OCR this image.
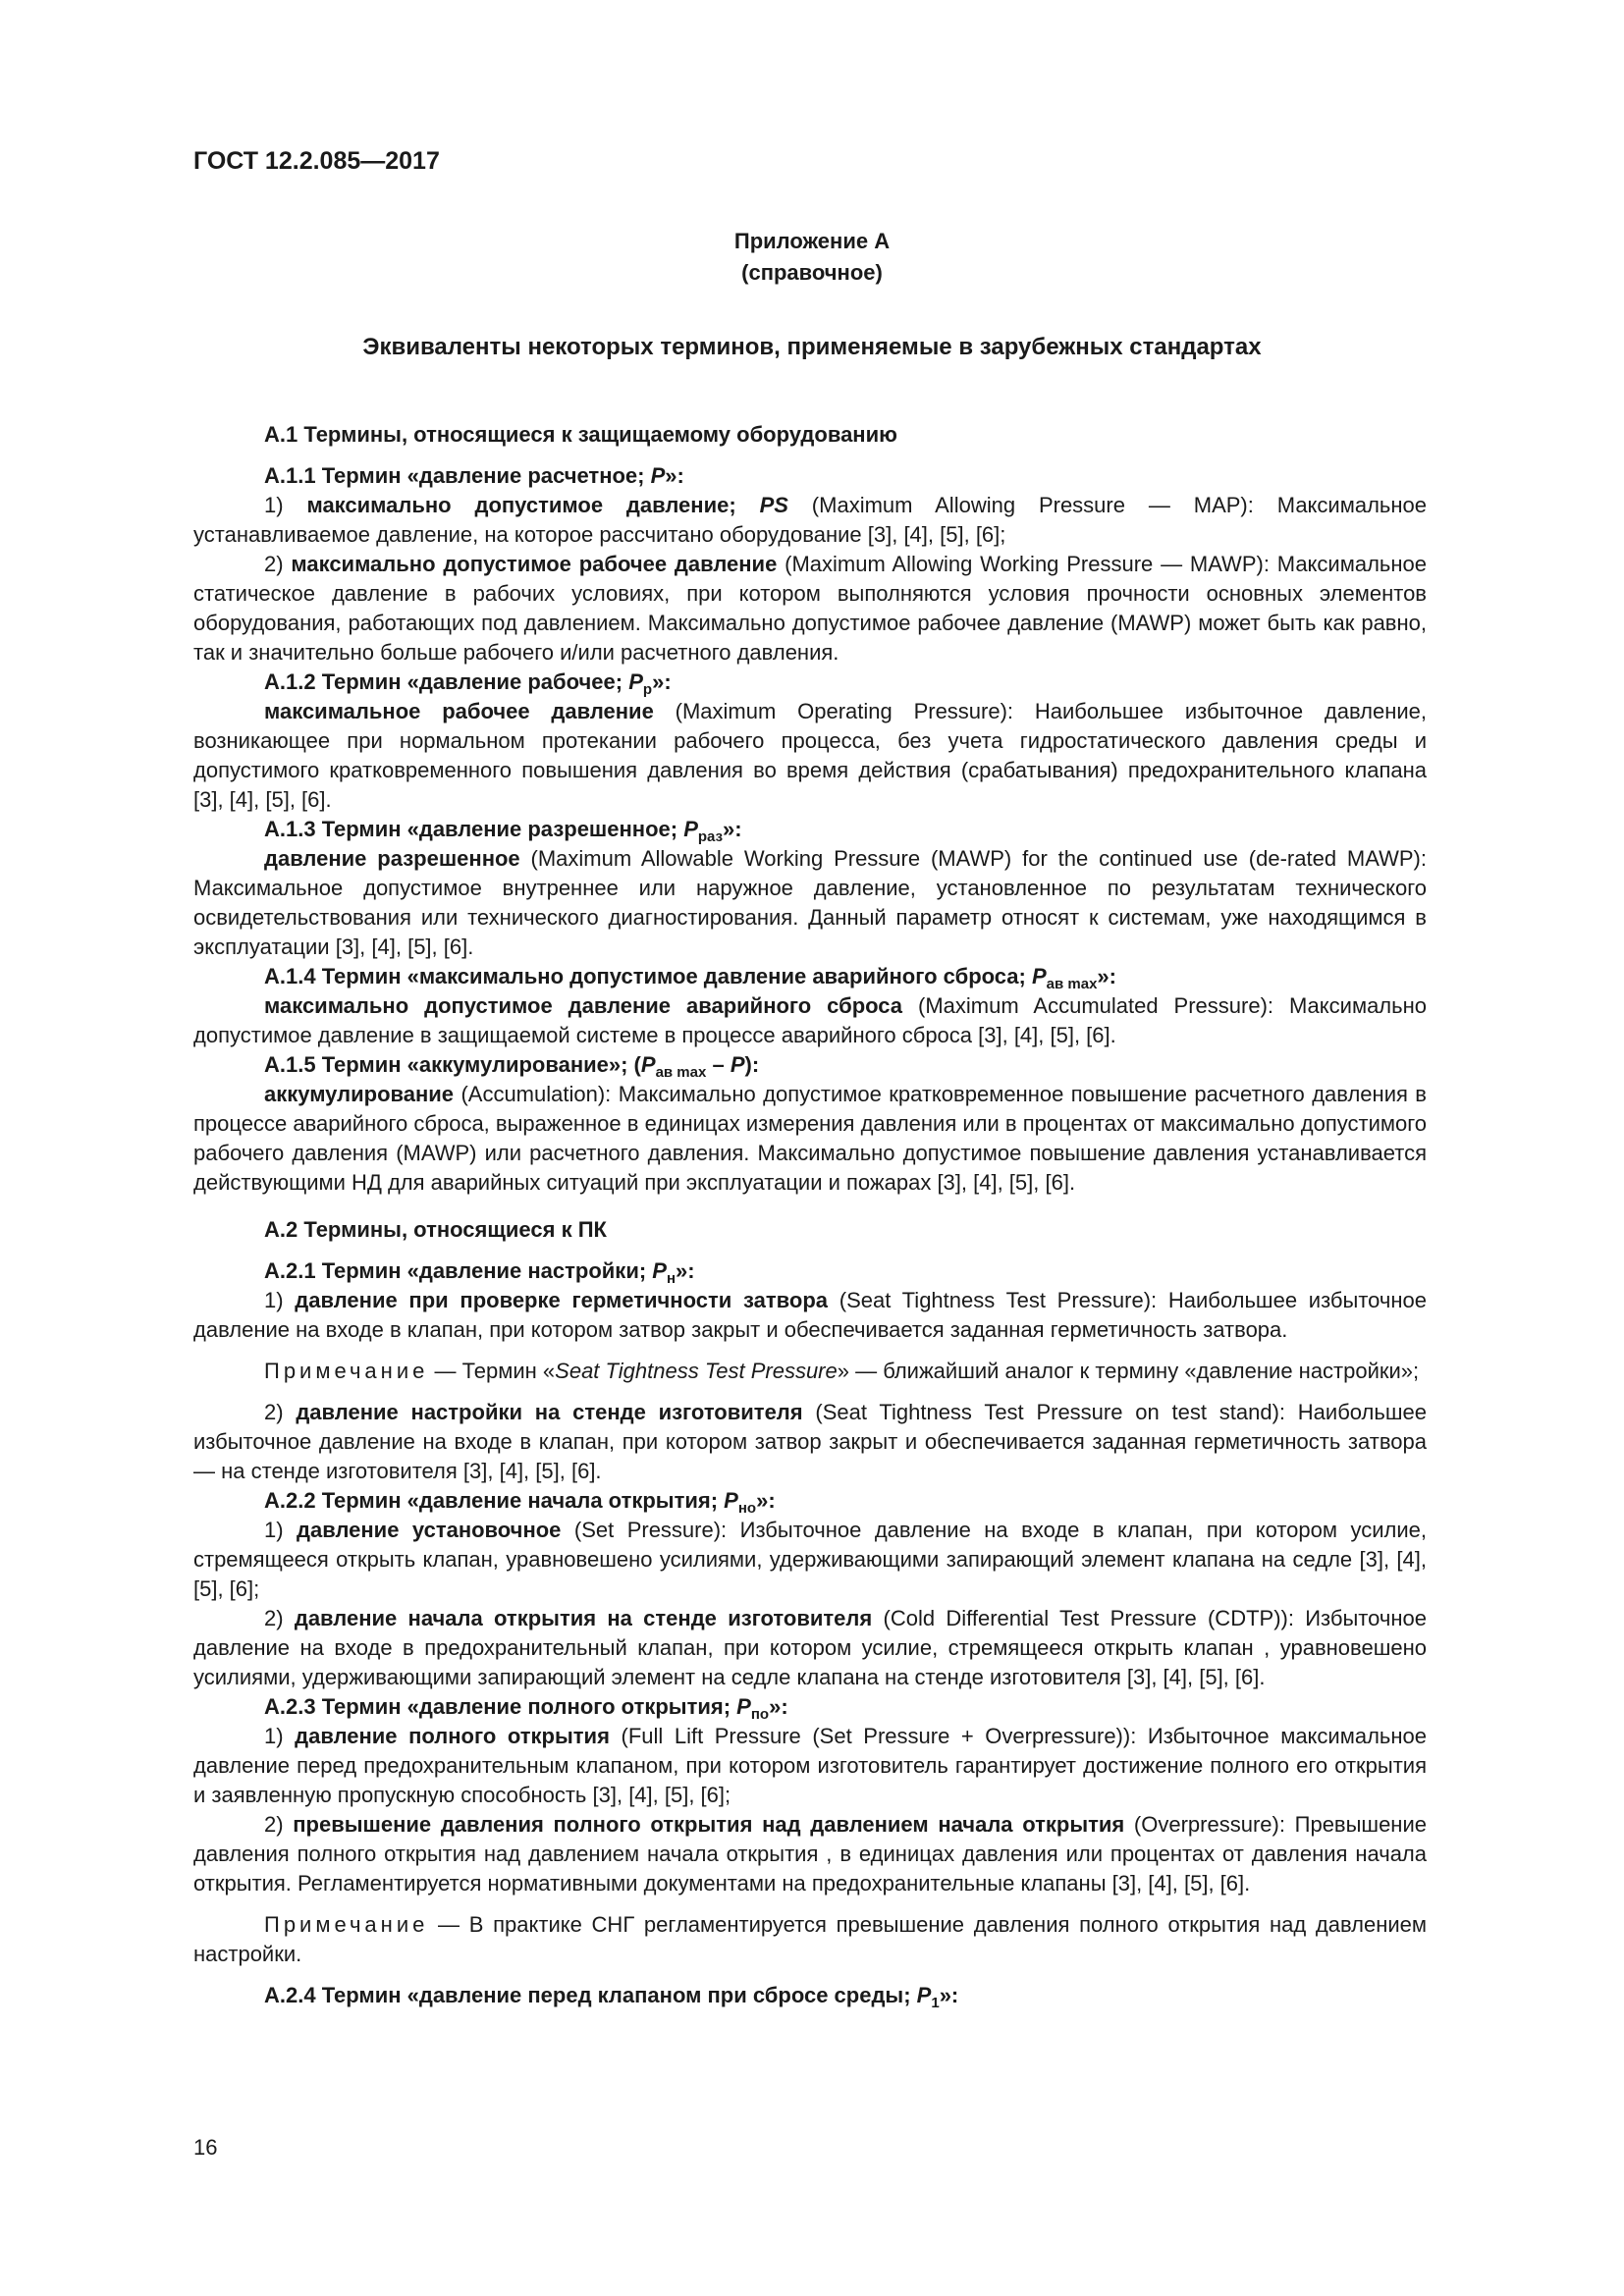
ГОСТ 12.2.085—2017
Приложение А
(справочное)
Эквиваленты некоторых терминов, применяемые в зарубежных стандартах

А.1 Термины, относящиеся к защищаемому оборудованию

А.1.1 Термин «давление расчетное; P»:

1) максимально допустимое давление; PS (Maximum Allowing Pressure — MAP): Максимальное устанавливаемое давление, на которое рассчитано оборудование [3], [4], [5], [6];

2) максимально допустимое рабочее давление (Maximum Allowing Working Pressure — MAWP): Максимальное статическое давление в рабочих условиях, при котором выполняются условия прочности основных элементов оборудования, работающих под давлением. Максимально допустимое рабочее давление (MAWP) может быть как равно, так и значительно больше рабочего и/или расчетного давления.

А.1.2 Термин «давление рабочее; $P_р$»:

максимальное рабочее давление (Maximum Operating Pressure): Наибольшее избыточное давление, возникающее при нормальном протекании рабочего процесса, без учета гидростатического давления среды и допустимого кратковременного повышения давления во время действия (срабатывания) предохранительного клапана [3], [4], [5], [6].

А.1.3 Термин «давление разрешенное; $P_{раз}$»:

давление разрешенное (Maximum Allowable Working Pressure (MAWP) for the continued use (de-rated MAWP): Максимальное допустимое внутреннее или наружное давление, установленное по результатам технического освидетельствования или технического диагностирования. Данный параметр относят к системам, уже находящимся в эксплуатации [3], [4], [5], [6].

А.1.4 Термин «максимально допустимое давление аварийного сброса; $P_{ав max}$»:

максимально допустимое давление аварийного сброса (Maximum Accumulated Pressure): Максимально допустимое давление в защищаемой системе в процессе аварийного сброса [3], [4], [5], [6].

А.1.5 Термин «аккумулирование»; $(P_{ав max} - P)$:

аккумулирование (Accumulation): Максимально допустимое кратковременное повышение расчетного давления в процессе аварийного сброса, выраженное в единицах измерения давления или в процентах от максимально допустимого рабочего давления (MAWP) или расчетного давления. Максимально допустимое повышение давления устанавливается действующими НД для аварийных ситуаций при эксплуатации и пожарах [3], [4], [5], [6].

А.2 Термины, относящиеся к ПК

А.2.1 Термин «давление настройки; $P_н$»:

1) давление при проверке герметичности затвора (Seat Tightness Test Pressure): Наибольшее избыточное давление на входе в клапан, при котором затвор закрыт и обеспечивается заданная герметичность затвора.

Примечание — Термин «Seat Tightness Test Pressure» — ближайший аналог к термину «давление настройки»;

2) давление настройки на стенде изготовителя (Seat Tightness Test Pressure on test stand): Наибольшее избыточное давление на входе в клапан, при котором затвор закрыт и обеспечивается заданная герметичность затвора — на стенде изготовителя [3], [4], [5], [6].

А.2.2 Термин «давление начала открытия; $P_{но}$»:

1) давление установочное (Set Pressure): Избыточное давление на входе в клапан, при котором усилие, стремящееся открыть клапан, уравновешено усилиями, удерживающими запирающий элемент клапана на седле [3], [4], [5], [6];

2) давление начала открытия на стенде изготовителя (Cold Differential Test Pressure (CDTP)): Избыточное давление на входе в предохранительный клапан, при котором усилие, стремящееся открыть клапан , уравновешено усилиями, удерживающими запирающий элемент на седле клапана на стенде изготовителя [3], [4], [5], [6].

А.2.3 Термин «давление полного открытия; $P_{по}$»:

1) давление полного открытия (Full Lift Pressure (Set Pressure + Overpressure)): Избыточное максимальное давление перед предохранительным клапаном, при котором изготовитель гарантирует достижение полного его открытия и заявленную пропускную способность [3], [4], [5], [6];

2) превышение давления полного открытия над давлением начала открытия (Overpressure): Превышение давления полного открытия над давлением начала открытия , в единицах давления или процентах от давления начала открытия. Регламентируется нормативными документами на предохранительные клапаны [3], [4], [5], [6].

Примечание — В практике СНГ регламентируется превышение давления полного открытия над давлением настройки.

А.2.4 Термин «давление перед клапаном при сбросе среды; $P_1$»:

16
